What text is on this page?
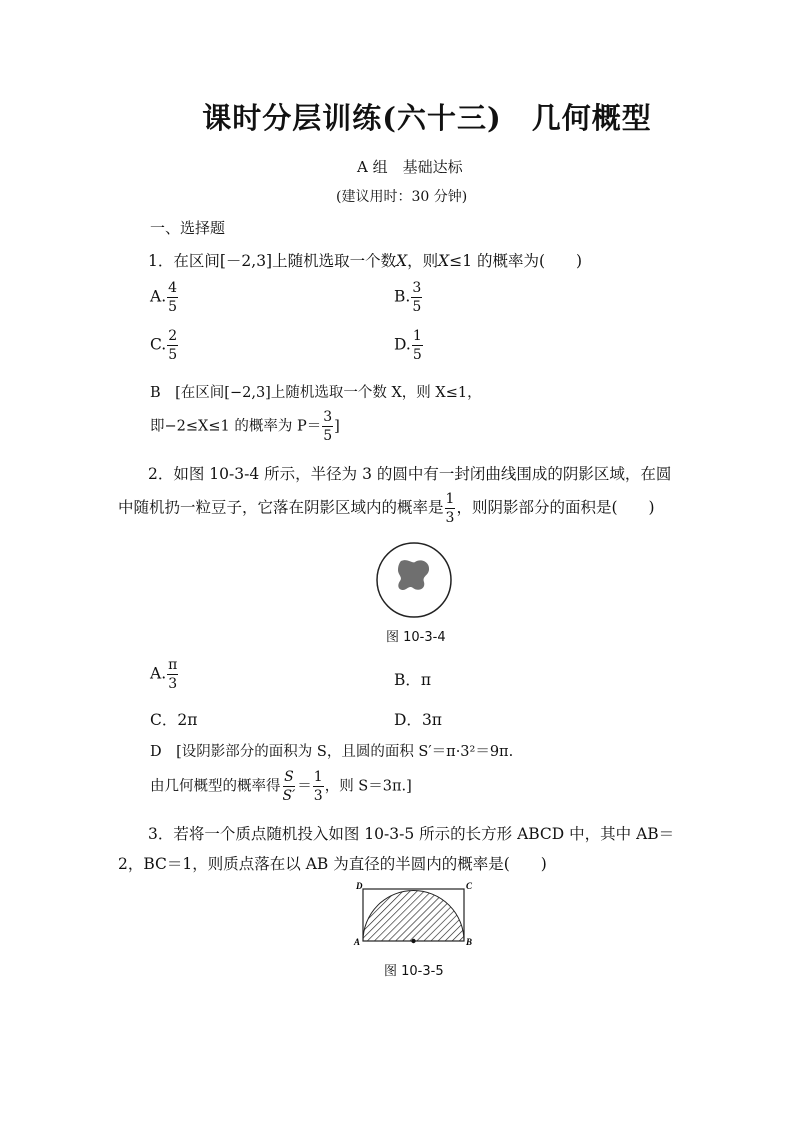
课时分层训练(六十三)　几何概型
A 组　基础达标
(建议用时：30 分钟)
一、选择题
1．在区间[－2,3]上随机选取一个数X，则X≤1 的概率为(　　)
A. $\frac{4}{5}$	B. $\frac{3}{5}$
C. $\frac{2}{5}$	D. $\frac{1}{5}$
B　[在区间[−2,3]上随机选取一个数 X，则 X≤1，
即−2≤X≤1 的概率为 $P= \frac{3}{5}$ ]
2．如图 10-3-4 所示，半径为 3 的圆中有一封闭曲线围成的阴影区域，在圆
中随机扔一粒豆子，它落在阴影区域内的概率是 $\frac{1}{3}$ ，则阴影部分的面积是(　　)
图 10-3-4
A. $\frac{\pi}{3}$	B．π
C．2π	D．3π
D　[设阴影部分的面积为 S，且圆的面积 S′＝π·3²＝9π.
由几何概型的概率得 $\frac{S}{S'} = \frac{1}{3}$ ，则 S＝3π.]
3．若将一个质点随机投入如图 10-3-5 所示的长方形 ABCD 中，其中 AB＝
2，BC＝1，则质点落在以 AB 为直径的半圆内的概率是(　　)
D	C
A	B
图 10-3-5
